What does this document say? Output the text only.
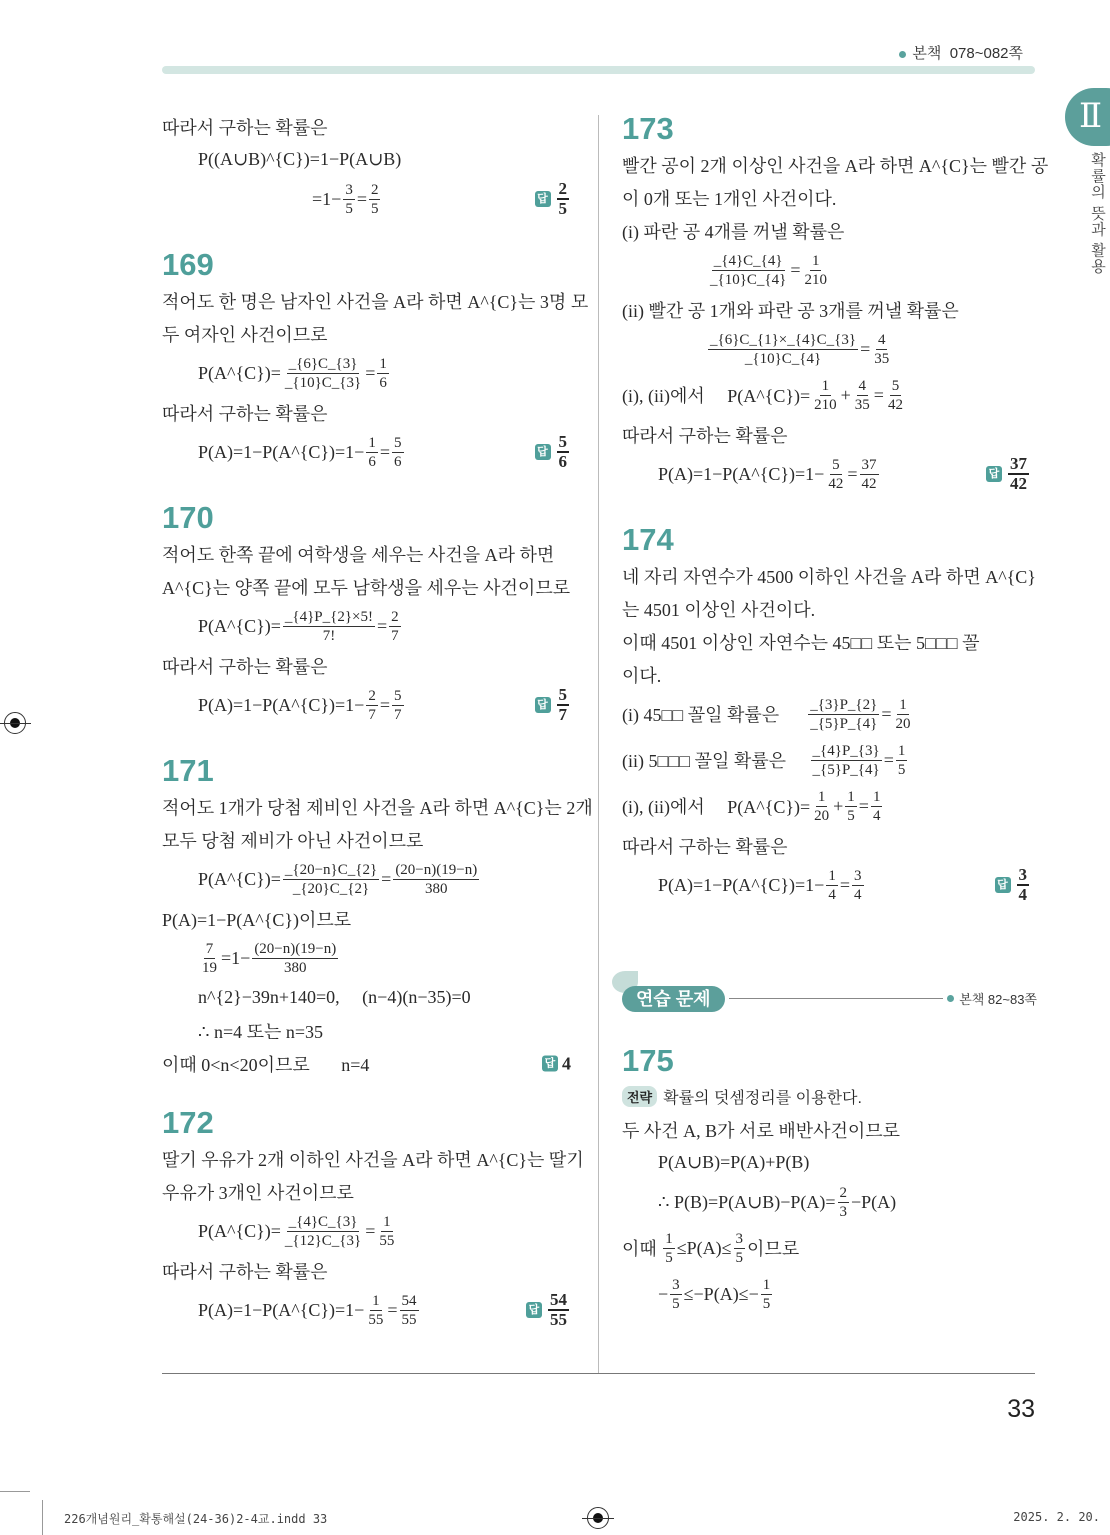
본책 078~082쪽
Ⅱ
확률의 뜻과 활용
따라서 구하는 확률은
P((A∪B)^{C})=1−P(A∪B)
$=1- \frac{3}{5} = \frac{2}{5}$	답 $\frac{2}{5}$
169
적어도 한 명은 남자인 사건을 A라 하면 A^{C}는 3명 모
두 여자인 사건이므로
P(A^{C})= $\frac{\_\{6\}C\_\{3\}}{\_\{10\}C\_\{3\}} = \frac{1}{6}$
따라서 구하는 확률은
P(A)=1−P(A^{C})=1− $\frac{1}{6} = \frac{5}{6}$	답 $\frac{5}{6}$
170
적어도 한쪽 끝에 여학생을 세우는 사건을 A라 하면
A^{C}는 양쪽 끝에 모두 남학생을 세우는 사건이므로
P(A^{C})= $\frac{\_\{4\}P\_\{2\}\times 5!}{7!} = \frac{2}{7}$
따라서 구하는 확률은
P(A)=1−P(A^{C})=1− $\frac{2}{7} = \frac{5}{7}$	답 $\frac{5}{7}$
171
적어도 1개가 당첨 제비인 사건을 A라 하면 A^{C}는 2개
모두 당첨 제비가 아닌 사건이므로
P(A^{C})= $\frac{\_\{20-n\}C\_\{2\}}{\_\{20\}C\_\{2\}} = \frac{(20-n)(19-n)}{380}$
P(A)=1−P(A^{C})이므로
$\frac{7}{19} =1- \frac{(20-n)(19-n)}{380}$
n^{2}−39n+140=0,     (n−4)(n−35)=0
∴ n=4 또는 n=35
이때 0<n<20이므로       n=4	답 4
172
딸기 우유가 2개 이하인 사건을 A라 하면 A^{C}는 딸기
우유가 3개인 사건이므로
P(A^{C})= $\frac{\_\{4\}C\_\{3\}}{\_\{12\}C\_\{3\}} = \frac{1}{55}$
따라서 구하는 확률은
P(A)=1−P(A^{C})=1− $\frac{1}{55} = \frac{54}{55}$	답 $\frac{54}{55}$
173
빨간 공이 2개 이상인 사건을 A라 하면 A^{C}는 빨간 공
이 0개 또는 1개인 사건이다.
(i) 파란 공 4개를 꺼낼 확률은
$\frac{\_\{4\}C\_\{4\}}{\_\{10\}C\_\{4\}} = \frac{1}{210}$
(ii) 빨간 공 1개와 파란 공 3개를 꺼낼 확률은
$\frac{\_\{6\}C\_\{1\}\times\_\{4\}C\_\{3\}}{\_\{10\}C\_\{4\}} = \frac{4}{35}$
(i), (ii)에서     P(A^{C})= $\frac{1}{210} + \frac{4}{35} = \frac{5}{42}$
따라서 구하는 확률은
P(A)=1−P(A^{C})=1− $\frac{5}{42} = \frac{37}{42}$	답 $\frac{37}{42}$
174
네 자리 자연수가 4500 이하인 사건을 A라 하면 A^{C}
는 4501 이상인 사건이다.
이때 4501 이상인 자연수는 45□□ 또는 5□□□ 꼴
이다.
(i) 45□□ 꼴일 확률은 $\frac{\_\{3\}P\_\{2\}}{\_\{5\}P\_\{4\}} = \frac{1}{20}$
(ii) 5□□□ 꼴일 확률은 $\frac{\_\{4\}P\_\{3\}}{\_\{5\}P\_\{4\}} = \frac{1}{5}$
(i), (ii)에서     P(A^{C})= $\frac{1}{20} + \frac{1}{5} = \frac{1}{4}$
따라서 구하는 확률은
P(A)=1−P(A^{C})=1− $\frac{1}{4} = \frac{3}{4}$	답 $\frac{3}{4}$
연습 문제	본책 82~83쪽
175
전략 확률의 덧셈정리를 이용한다.
두 사건 A, B가 서로 배반사건이므로
P(A∪B)=P(A)+P(B)
∴ P(B)=P(A∪B)−P(A)= $\frac{2}{3} -P(A)$
이때 $\frac{1}{5} \le P(A)\le \frac{3}{5}$ 이므로
− $\frac{3}{5} \le-P(A)\le- \frac{1}{5}$
33
226개념원리_확통해설(24-36)2-4교.indd 33	2025. 2. 20.
